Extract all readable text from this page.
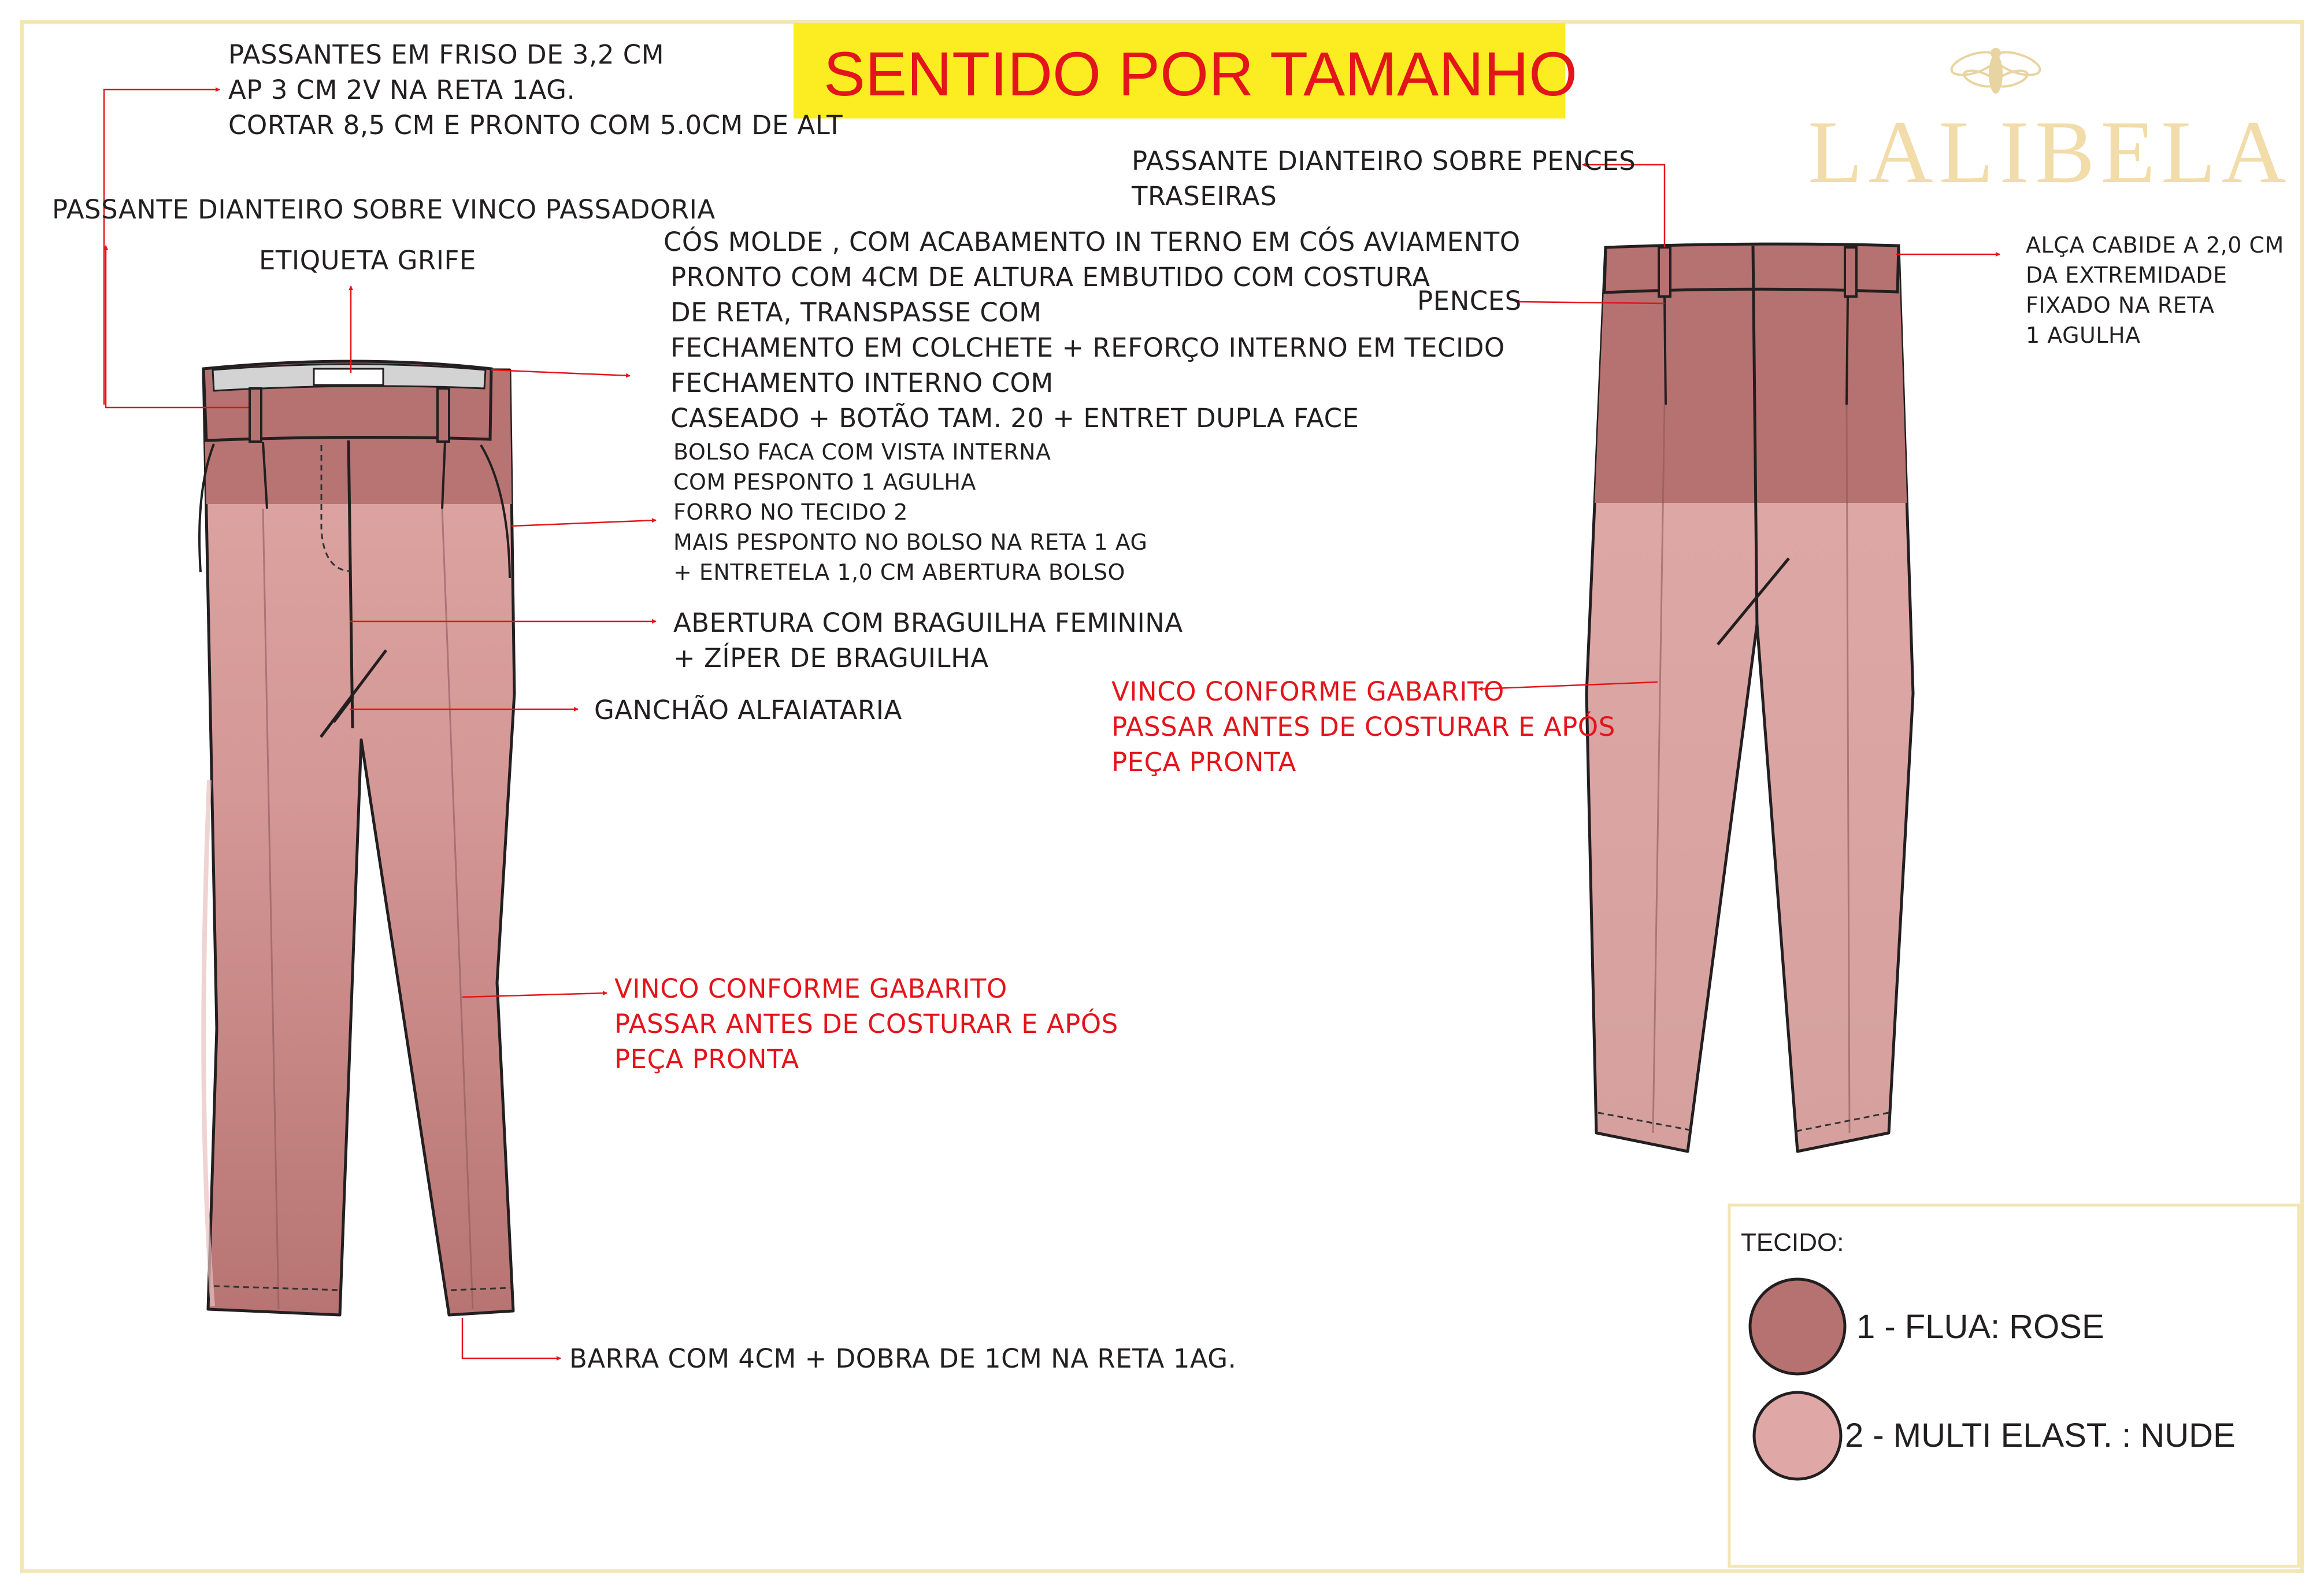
SENTIDO POR TAMANHO
LALIBELA
PASSANTES EM FRISO DE 3,2 CM
AP 3 CM 2V NA RETA 1AG.
CORTAR 8,5 CM E PRONTO COM 5.0CM DE ALT
PASSANTE DIANTEIRO SOBRE VINCO PASSADORIA
ETIQUETA GRIFE
CÓS MOLDE , COM ACABAMENTO IN TERNO EM CÓS AVIAMENTO
PRONTO COM 4CM DE ALTURA EMBUTIDO COM COSTURA
DE RETA, TRANSPASSE COM
FECHAMENTO EM COLCHETE + REFORÇO INTERNO EM TECIDO
FECHAMENTO INTERNO COM
CASEADO + BOTÃO TAM. 20 + ENTRET DUPLA FACE
BOLSO FACA COM VISTA INTERNA
COM PESPONTO 1 AGULHA
FORRO NO TECIDO 2
MAIS PESPONTO NO BOLSO NA RETA 1 AG
+ ENTRETELA 1,0 CM ABERTURA BOLSO
ABERTURA COM BRAGUILHA FEMININA
+ ZÍPER DE BRAGUILHA
GANCHÃO ALFAIATARIA
VINCO CONFORME GABARITO
PASSAR ANTES DE COSTURAR E APÓS
PEÇA PRONTA
BARRA COM 4CM + DOBRA DE 1CM NA RETA 1AG.
PASSANTE DIANTEIRO SOBRE PENCES
TRASEIRAS
PENCES
ALÇA CABIDE A 2,0 CM
DA EXTREMIDADE
FIXADO NA RETA
1 AGULHA
VINCO CONFORME GABARITO
PASSAR ANTES DE COSTURAR E APÓS
PEÇA PRONTA
TECIDO:
1 - FLUA: ROSE
2 - MULTI ELAST. : NUDE
